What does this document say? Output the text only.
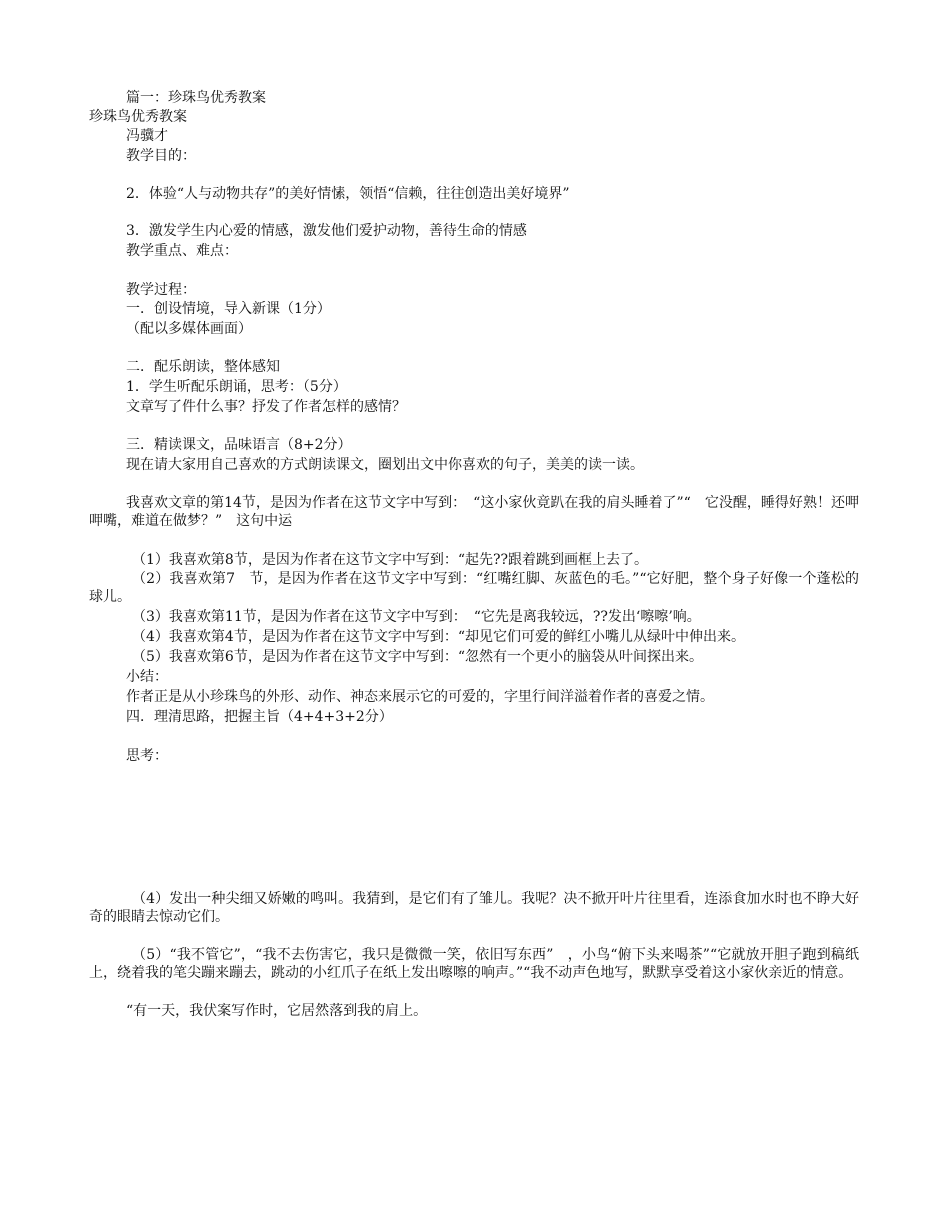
篇一：珍珠鸟优秀教案
珍珠鸟优秀教案
冯骥才
教学目的：
2．体验“人与动物共存”的美好情愫，领悟“信赖，往往创造出美好境界”
3．激发学生内心爱的情感，激发他们爱护动物，善待生命的情感
教学重点、难点：
教学过程：
一．创设情境，导入新课（1分）
（配以多媒体画面）
二．配乐朗读，整体感知
1．学生听配乐朗诵，思考：（5分）
文章写了件什么事？抒发了作者怎样的感情？
三．精读课文，品味语言（8+2分）
现在请大家用自己喜欢的方式朗读课文，圈划出文中你喜欢的句子，美美的读一读。
我喜欢文章的第14节，是因为作者在这节文字中写到：　“这小家伙竟趴在我的肩头睡着了”“　它没醒，睡得好熟！还呷呷嘴，难道在做梦？”　这句中运
（1）我喜欢第8节，是因为作者在这节文字中写到：“起先??跟着跳到画框上去了。
（2）我喜欢第7　节，是因为作者在这节文字中写到：“红嘴红脚、灰蓝色的毛。”“它好肥，整个身子好像一个蓬松的球儿。
（3）我喜欢第11节，是因为作者在这节文字中写到：　“它先是离我较远，??发出‘嚓嚓’响。
（4）我喜欢第4节，是因为作者在这节文字中写到：“却见它们可爱的鲜红小嘴儿从绿叶中伸出来。
（5）我喜欢第6节，是因为作者在这节文字中写到：“忽然有一个更小的脑袋从叶间探出来。
小结：
作者正是从小珍珠鸟的外形、动作、神态来展示它的可爱的，字里行间洋溢着作者的喜爱之情。
四．理清思路，把握主旨（4+4+3+2分）
思考：
（4）发出一种尖细又娇嫩的鸣叫。我猜到，是它们有了雏儿。我呢？决不掀开叶片往里看，连添食加水时也不睁大好奇的眼睛去惊动它们。
（5）“我不管它”，“我不去伤害它，我只是微微一笑，依旧写东西”　，小鸟“俯下头来喝茶”“它就放开胆子跑到稿纸上，绕着我的笔尖蹦来蹦去，跳动的小红爪子在纸上发出嚓嚓的响声。”“我不动声色地写，默默享受着这小家伙亲近的情意。
“有一天，我伏案写作时，它居然落到我的肩上。
